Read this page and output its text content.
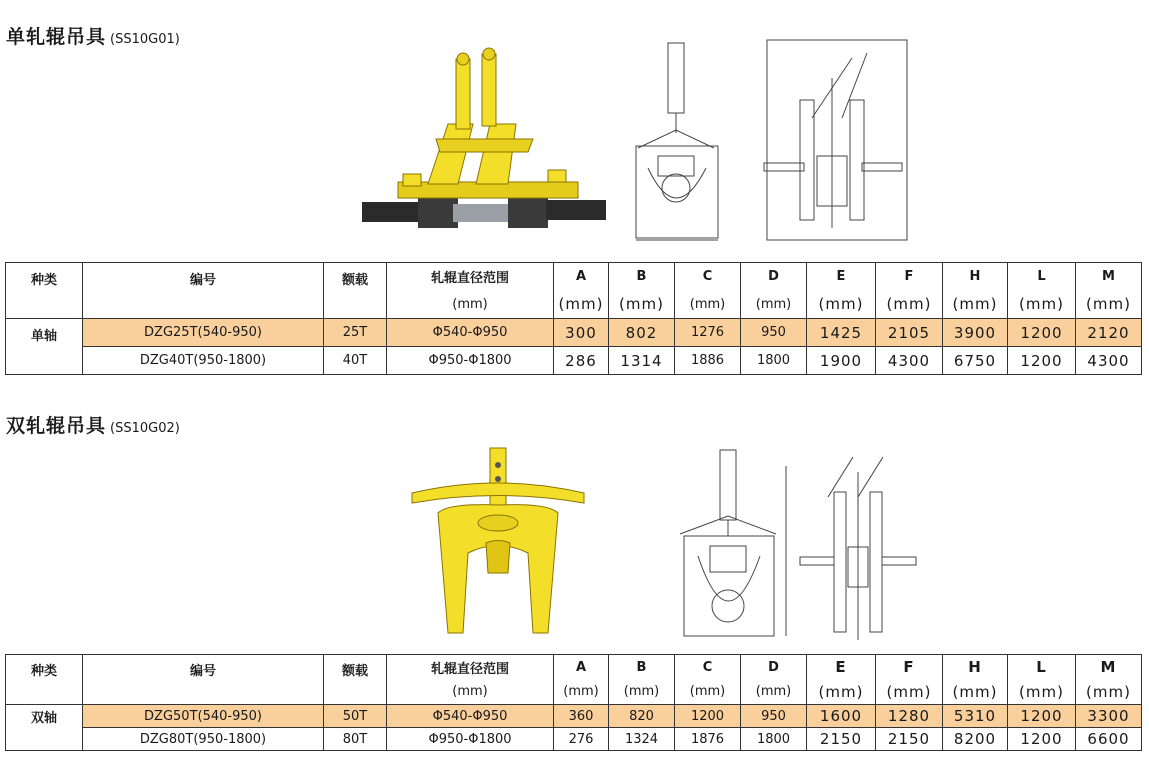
单轧辊吊具 (SS10G01)
种类	编号	额载	轧辊直径范围	A	B	C	D	E	F	H	L	M
			(mm)	(mm)	(mm)	(mm)	(mm)	(mm)	(mm)	(mm)	(mm)	(mm)
单轴	DZG25T(540-950)	25T	Φ540-Φ950	300	802	1276	950	1425	2105	3900	1200	2120
	DZG40T(950-1800)	40T	Φ950-Φ1800	286	1314	1886	1800	1900	4300	6750	1200	4300
双轧辊吊具 (SS10G02)
种类	编号	额载	轧辊直径范围	A	B	C	D	E	F	H	L	M
			(mm)	(mm)	(mm)	(mm)	(mm)	(mm)	(mm)	(mm)	(mm)	(mm)
双轴	DZG50T(540-950)	50T	Φ540-Φ950	360	820	1200	950	1600	1280	5310	1200	3300
	DZG80T(950-1800)	80T	Φ950-Φ1800	276	1324	1876	1800	2150	2150	8200	1200	6600
